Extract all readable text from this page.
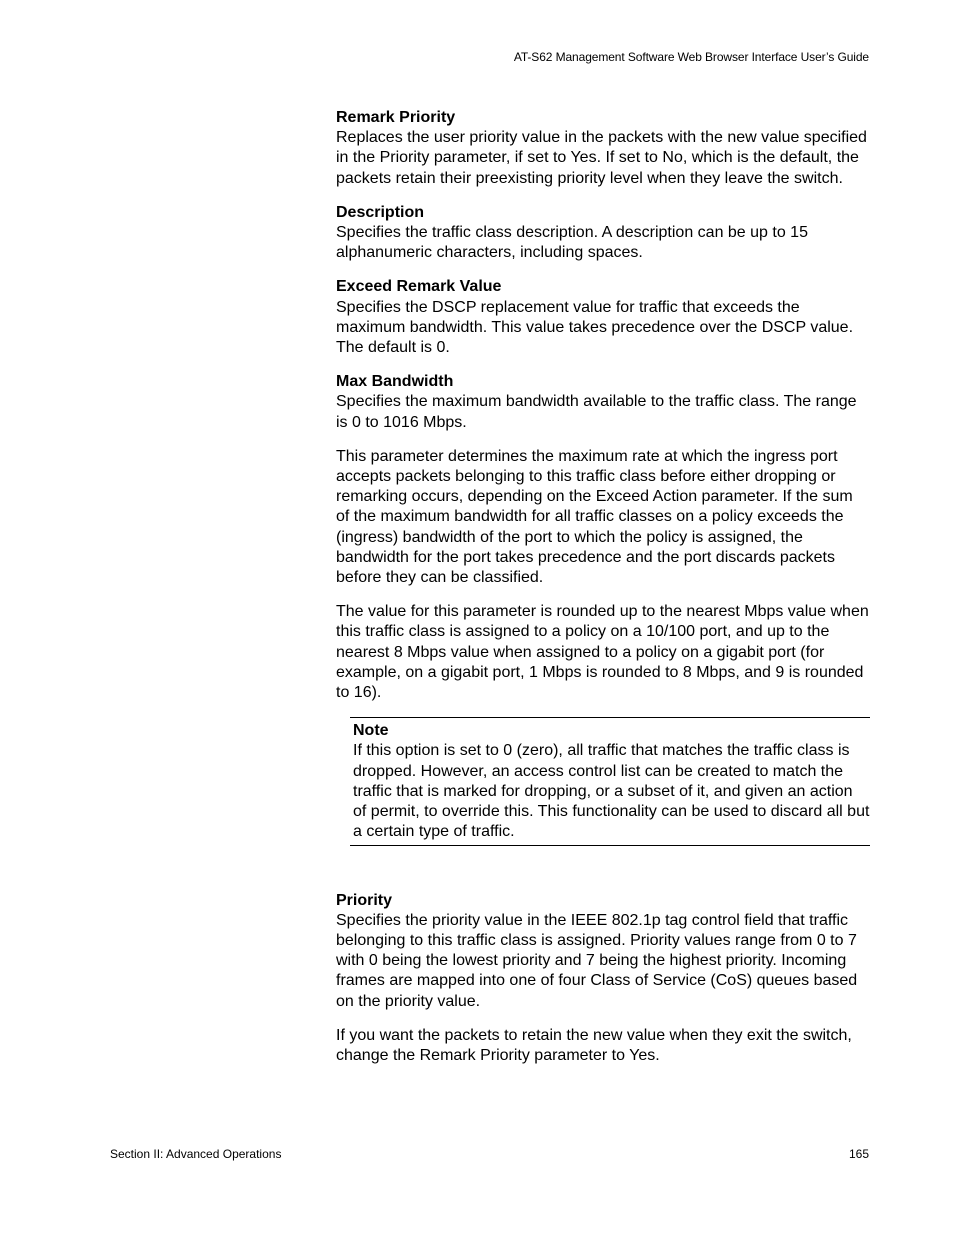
AT-S62 Management Software Web Browser Interface User’s Guide
Remark Priority
Replaces the user priority value in the packets with the new value specified in the Priority parameter, if set to Yes. If set to No, which is the default, the packets retain their preexisting priority level when they leave the switch.
Description
Specifies the traffic class description. A description can be up to 15 alphanumeric characters, including spaces.
Exceed Remark Value
Specifies the DSCP replacement value for traffic that exceeds the maximum bandwidth. This value takes precedence over the DSCP value. The default is 0.
Max Bandwidth
Specifies the maximum bandwidth available to the traffic class. The range is 0 to 1016 Mbps.
This parameter determines the maximum rate at which the ingress port accepts packets belonging to this traffic class before either dropping or remarking occurs, depending on the Exceed Action parameter. If the sum of the maximum bandwidth for all traffic classes on a policy exceeds the (ingress) bandwidth of the port to which the policy is assigned, the bandwidth for the port takes precedence and the port discards packets before they can be classified.
The value for this parameter is rounded up to the nearest Mbps value when this traffic class is assigned to a policy on a 10/100 port, and up to the nearest 8 Mbps value when assigned to a policy on a gigabit port (for example, on a gigabit port, 1 Mbps is rounded to 8 Mbps, and 9 is rounded to 16).
Note
If this option is set to 0 (zero), all traffic that matches the traffic class is dropped. However, an access control list can be created to match the traffic that is marked for dropping, or a subset of it, and given an action of permit, to override this. This functionality can be used to discard all but a certain type of traffic.
Priority
Specifies the priority value in the IEEE 802.1p tag control field that traffic belonging to this traffic class is assigned. Priority values range from 0 to 7 with 0 being the lowest priority and 7 being the highest priority. Incoming frames are mapped into one of four Class of Service (CoS) queues based on the priority value.
If you want the packets to retain the new value when they exit the switch, change the Remark Priority parameter to Yes.
Section II: Advanced Operations	165
